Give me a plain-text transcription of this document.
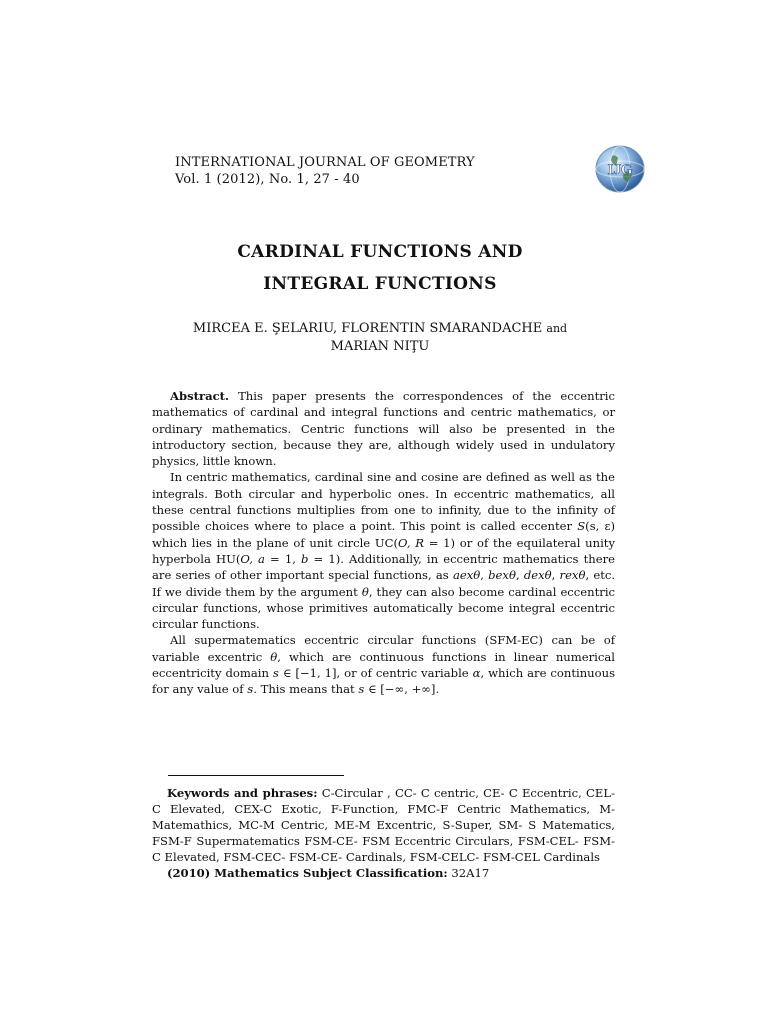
INTERNATIONAL JOURNAL OF GEOMETRY
Vol. 1 (2012), No. 1, 27 - 40
IJG
CARDINAL FUNCTIONS AND
INTEGRAL FUNCTIONS
MIRCEA E. ŞELARIU, FLORENTIN SMARANDACHE and
MARIAN NIŢU

Abstract. This paper presents the correspondences of the eccentric mathematics of cardinal and integral functions and centric mathematics, or ordinary mathematics. Centric functions will also be presented in the introductory section, because they are, although widely used in undulatory physics, little known.

In centric mathematics, cardinal sine and cosine are defined as well as the integrals. Both circular and hyperbolic ones. In eccentric mathematics, all these central functions multiplies from one to infinity, due to the infinity of possible choices where to place a point. This point is called eccenter S(s, ε) which lies in the plane of unit circle UC(O, R = 1) or of the equilateral unity hyperbola HU(O, a = 1, b = 1). Additionally, in eccentric mathematics there are series of other important special functions, as aexθ, bexθ, dexθ, rexθ, etc. If we divide them by the argument θ, they can also become cardinal eccentric circular functions, whose primitives automatically become integral eccentric circular functions.

All supermatematics eccentric circular functions (SFM-EC) can be of variable excentric θ, which are continuous functions in linear numerical eccentricity domain s ∈ [−1, 1], or of centric variable α, which are continuous for any value of s. This means that s ∈ [−∞, +∞].

Keywords and phrases: C-Circular , CC- C centric, CE- C Eccentric, CEL-C Elevated, CEX-C Exotic, F-Function, FMC-F Centric Mathematics, M- Matemathics, MC-M Centric, ME-M Excentric, S-Super, SM- S Matematics, FSM-F Supermatematics FSM-CE- FSM Eccentric Circulars, FSM-CEL- FSM-C Elevated, FSM-CEC- FSM-CE- Cardinals, FSM-CELC- FSM-CEL Cardinals

(2010) Mathematics Subject Classification: 32A17
